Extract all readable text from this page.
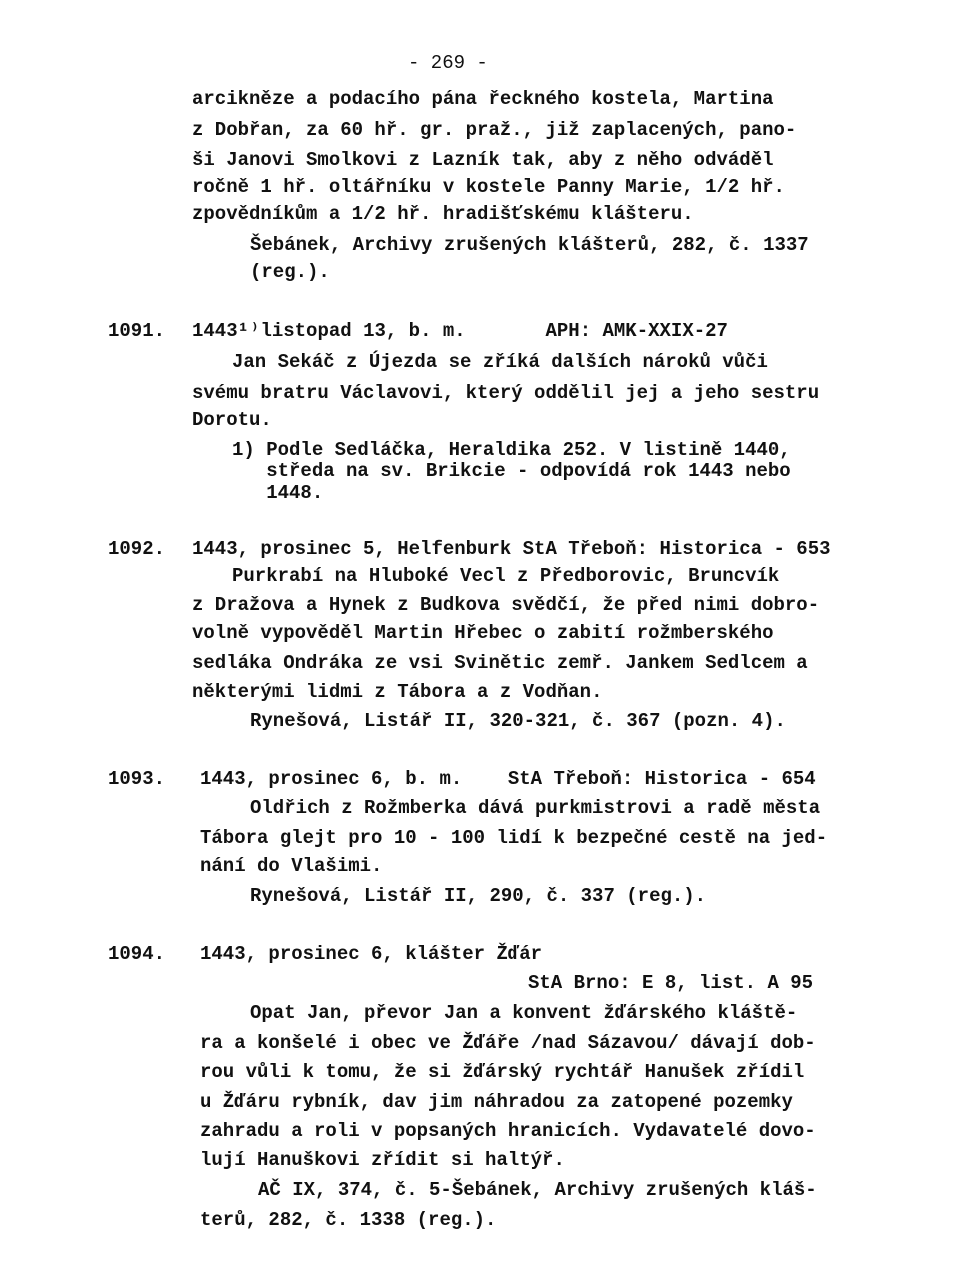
- 269 -
arcikněze a podacího pána řeckného kostela, Martina
z Dobřan, za 60 hř. gr. praž., již zaplacených, pano-
ši Janovi Smolkovi z Lazník tak, aby z něho odváděl
ročně 1 hř. oltářníku v kostele Panny Marie, 1/2 hř.
zpovědníkům a 1/2 hř. hradišťskému klášteru.
Šebánek, Archivy zrušených klášterů, 282, č. 1337
(reg.).
1091. 1443¹⁾listopad 13, b. m.       APH: AMK-XXIX-27
Jan Sekáč z Újezda se zříká dalších nároků vůči
svému bratru Václavovi, který oddělil jej a jeho sestru
Dorotu.
1) Podle Sedláčka, Heraldika 252. V listině 1440,
středa na sv. Brikcie - odpovídá rok 1443 nebo
1448.
1092. 1443, prosinec 5, Helfenburk StA Třeboň: Historica - 653
Purkrabí na Hluboké Vecl z Předborovic, Bruncvík
z Dražova a Hynek z Budkova svědčí, že před nimi dobro-
volně vypověděl Martin Hřebec o zabití rožmberského
sedláka Ondráka ze vsi Svinětic zemř. Jankem Sedlcem a
některými lidmi z Tábora a z Vodňan.
Rynešová, Listář II, 320-321, č. 367 (pozn. 4).
1093. 1443, prosinec 6, b. m.    StA Třeboň: Historica - 654
Oldřich z Rožmberka dává purkmistrovi a radě města
Tábora glejt pro 10 - 100 lidí k bezpečné cestě na jed-
nání do Vlašimi.
Rynešová, Listář II, 290, č. 337 (reg.).
1094. 1443, prosinec 6, klášter Žďár
StA Brno: E 8, list. A 95
Opat Jan, převor Jan a konvent žďárského kláště-
ra a konšelé i obec ve Žďáře /nad Sázavou/ dávají dob-
rou vůli k tomu, že si žďárský rychtář Hanušek zřídil
u Žďáru rybník, dav jim náhradou za zatopené pozemky
zahradu a roli v popsaných hranicích. Vydavatelé dovo-
lují Hanuškovi zřídit si haltýř.
AČ IX, 374, č. 5-Šebánek, Archivy zrušených kláš-
terů, 282, č. 1338 (reg.).
